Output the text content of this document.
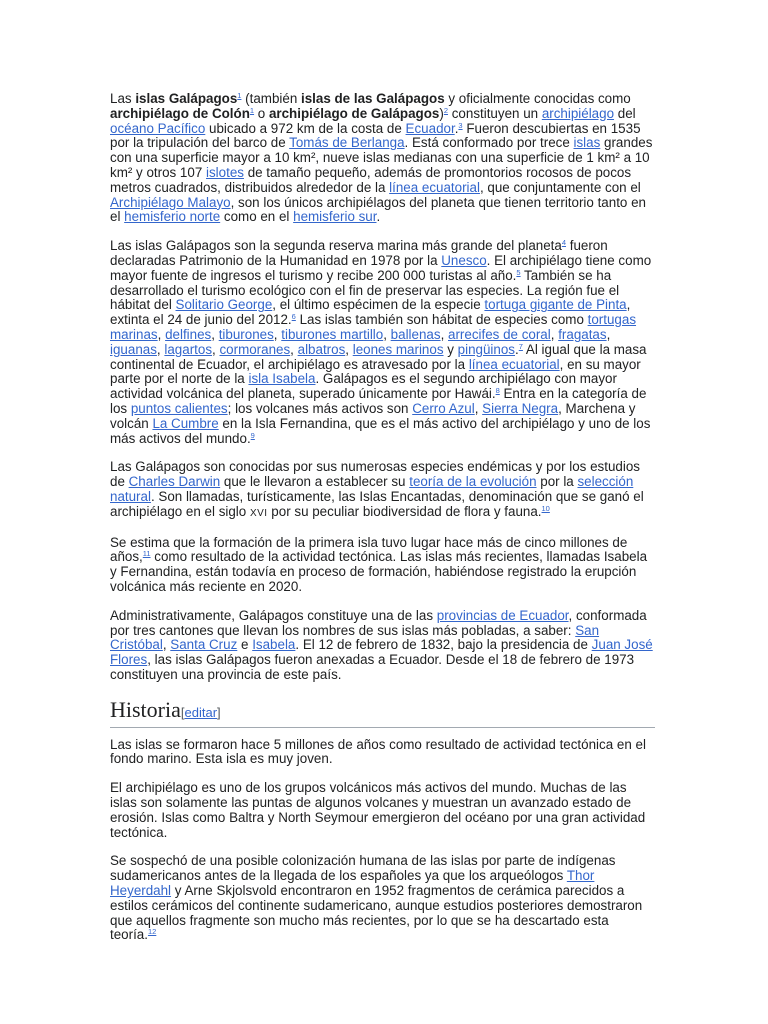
Las islas Galápagos$^1$ (también islas de las Galápagos y oficialmente conocidas como archipiélago de Colón$^1$ o archipiélago de Galápagos)$^2$ constituyen un archipiélago del océano Pacífico ubicado a 972 km de la costa de Ecuador.$^3$ Fueron descubiertas en 1535 por la tripulación del barco de Tomás de Berlanga. Está conformado por trece islas grandes con una superficie mayor a 10 km², nueve islas medianas con una superficie de 1 km² a 10 km² y otros 107 islotes de tamaño pequeño, además de promontorios rocosos de pocos metros cuadrados, distribuidos alrededor de la línea ecuatorial, que conjuntamente con el Archipiélago Malayo, son los únicos archipiélagos del planeta que tienen territorio tanto en el hemisferio norte como en el hemisferio sur.

Las islas Galápagos son la segunda reserva marina más grande del planeta$^4$ fueron declaradas Patrimonio de la Humanidad en 1978 por la Unesco. El archipiélago tiene como mayor fuente de ingresos el turismo y recibe 200 000 turistas al año.$^5$ También se ha desarrollado el turismo ecológico con el fin de preservar las especies. La región fue el hábitat del Solitario George, el último espécimen de la especie tortuga gigante de Pinta, extinta el 24 de junio del 2012.$^6$ Las islas también son hábitat de especies como tortugas marinas, delfines, tiburones, tiburones martillo, ballenas, arrecifes de coral, fragatas, iguanas, lagartos, cormoranes, albatros, leones marinos y pingüinos.$^7$ Al igual que la masa continental de Ecuador, el archipiélago es atravesado por la línea ecuatorial, en su mayor parte por el norte de la isla Isabela. Galápagos es el segundo archipiélago con mayor actividad volcánica del planeta, superado únicamente por Hawái.$^8$ Entra en la categoría de los puntos calientes; los volcanes más activos son Cerro Azul, Sierra Negra, Marchena y volcán La Cumbre en la Isla Fernandina, que es el más activo del archipiélago y uno de los más activos del mundo.$^9$

Las Galápagos son conocidas por sus numerosas especies endémicas y por los estudios de Charles Darwin que le llevaron a establecer su teoría de la evolución por la selección natural. Son llamadas, turísticamente, las Islas Encantadas, denominación que se ganó el archipiélago en el siglo XVI por su peculiar biodiversidad de flora y fauna.$^{10}$

Se estima que la formación de la primera isla tuvo lugar hace más de cinco millones de años,$^{11}$ como resultado de la actividad tectónica. Las islas más recientes, llamadas Isabela y Fernandina, están todavía en proceso de formación, habiéndose registrado la erupción volcánica más reciente en 2020.

Administrativamente, Galápagos constituye una de las provincias de Ecuador, conformada por tres cantones que llevan los nombres de sus islas más pobladas, a saber: San Cristóbal, Santa Cruz e Isabela. El 12 de febrero de 1832, bajo la presidencia de Juan José Flores, las islas Galápagos fueron anexadas a Ecuador. Desde el 18 de febrero de 1973 constituyen una provincia de este país.

Historia[editar]

Las islas se formaron hace 5 millones de años como resultado de actividad tectónica en el fondo marino. Esta isla es muy joven.

El archipiélago es uno de los grupos volcánicos más activos del mundo. Muchas de las islas son solamente las puntas de algunos volcanes y muestran un avanzado estado de erosión. Islas como Baltra y North Seymour emergieron del océano por una gran actividad tectónica.

Se sospechó de una posible colonización humana de las islas por parte de indígenas sudamericanos antes de la llegada de los españoles ya que los arqueólogos Thor Heyerdahl y Arne Skjolsvold encontraron en 1952 fragmentos de cerámica parecidos a estilos cerámicos del continente sudamericano, aunque estudios posteriores demostraron que aquellos fragmente son mucho más recientes, por lo que se ha descartado esta teoría.$^{12}$
